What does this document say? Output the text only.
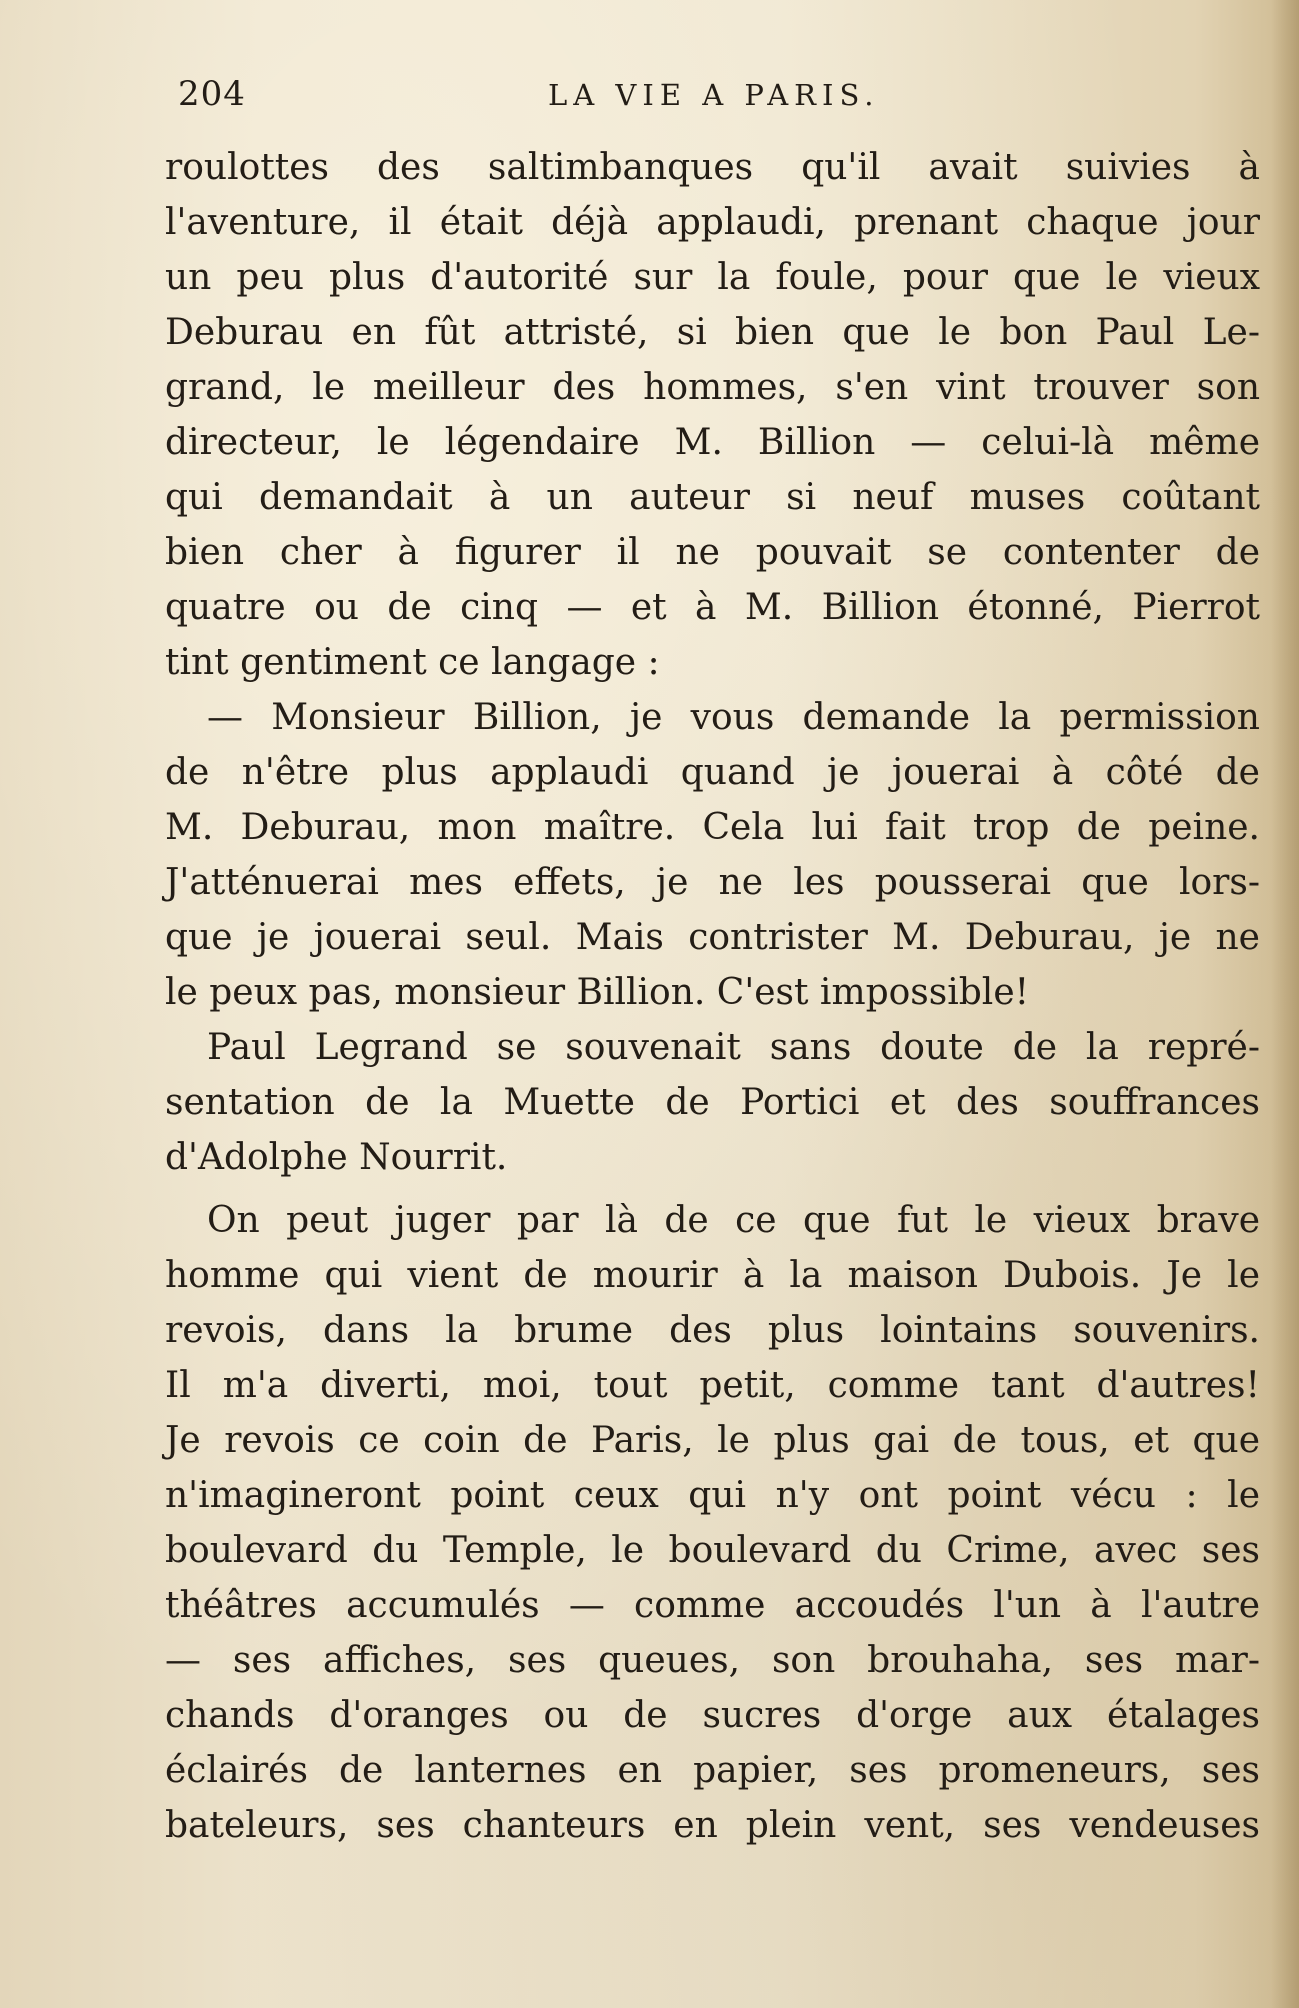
204	LA VIE A PARIS.
roulottes des saltimbanques qu'il avait suivies à
l'aventure, il était déjà applaudi, prenant chaque jour
un peu plus d'autorité sur la foule, pour que le vieux
Deburau en fût attristé, si bien que le bon Paul Le-
grand, le meilleur des hommes, s'en vint trouver son
directeur, le légendaire M. Billion — celui-là même
qui demandait à un auteur si neuf muses coûtant
bien cher à figurer il ne pouvait se contenter de
quatre ou de cinq — et à M. Billion étonné, Pierrot
tint gentiment ce langage :
— Monsieur Billion, je vous demande la permission
de n'être plus applaudi quand je jouerai à côté de
M. Deburau, mon maître. Cela lui fait trop de peine.
J'atténuerai mes effets, je ne les pousserai que lors-
que je jouerai seul. Mais contrister M. Deburau, je ne
le peux pas, monsieur Billion. C'est impossible!
Paul Legrand se souvenait sans doute de la repré-
sentation de la Muette de Portici et des souffrances
d'Adolphe Nourrit.
On peut juger par là de ce que fut le vieux brave
homme qui vient de mourir à la maison Dubois. Je le
revois, dans la brume des plus lointains souvenirs.
Il m'a diverti, moi, tout petit, comme tant d'autres!
Je revois ce coin de Paris, le plus gai de tous, et que
n'imagineront point ceux qui n'y ont point vécu : le
boulevard du Temple, le boulevard du Crime, avec ses
théâtres accumulés — comme accoudés l'un à l'autre
— ses affiches, ses queues, son brouhaha, ses mar-
chands d'oranges ou de sucres d'orge aux étalages
éclairés de lanternes en papier, ses promeneurs, ses
bateleurs, ses chanteurs en plein vent, ses vendeuses
